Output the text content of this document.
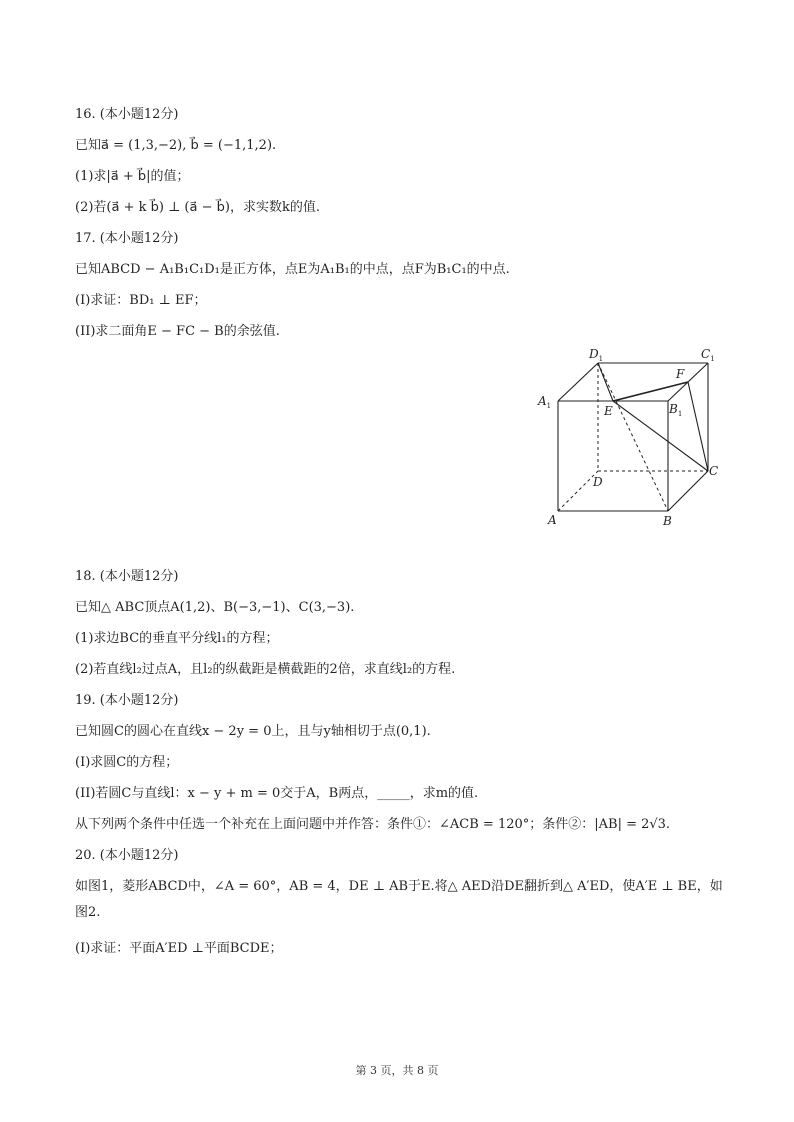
16. (本小题12分)
已知a⃗ = (1,3,−2), b⃗ = (−1,1,2).
(1)求|a⃗ + b⃗|的值；
(2)若(a⃗ + k b⃗) ⊥ (a⃗ − b⃗)，求实数k的值.
17. (本小题12分)
已知ABCD − A₁B₁C₁D₁是正方体，点E为A₁B₁的中点，点F为B₁C₁的中点.
(I)求证：BD₁ ⊥ EF；
(II)求二面角E − FC − B的余弦值.
$D_1$	$C_1$
$A_1$	$B_1$
F
E
D
C
A	B
18. (本小题12分)
已知△ ABC顶点A(1,2)、B(−3,−1)、C(3,−3).
(1)求边BC的垂直平分线l₁的方程；
(2)若直线l₂过点A，且l₂的纵截距是横截距的2倍，求直线l₂的方程.
19. (本小题12分)
已知圆C的圆心在直线x − 2y = 0上，且与y轴相切于点(0,1).
(I)求圆C的方程；
(II)若圆C与直线l：x − y + m = 0交于A，B两点，_____，求m的值.
从下列两个条件中任选一个补充在上面问题中并作答：条件①：∠ACB = 120°；条件②：|AB| = 2√3.
20. (本小题12分)
如图1，菱形ABCD中，∠A = 60°，AB = 4，DE ⊥ AB于E.将△ AED沿DE翻折到△ A′ED，使A′E ⊥ BE，如图2.
(I)求证：平面A′ED ⊥平面BCDE；
第 3 页，共 8 页
